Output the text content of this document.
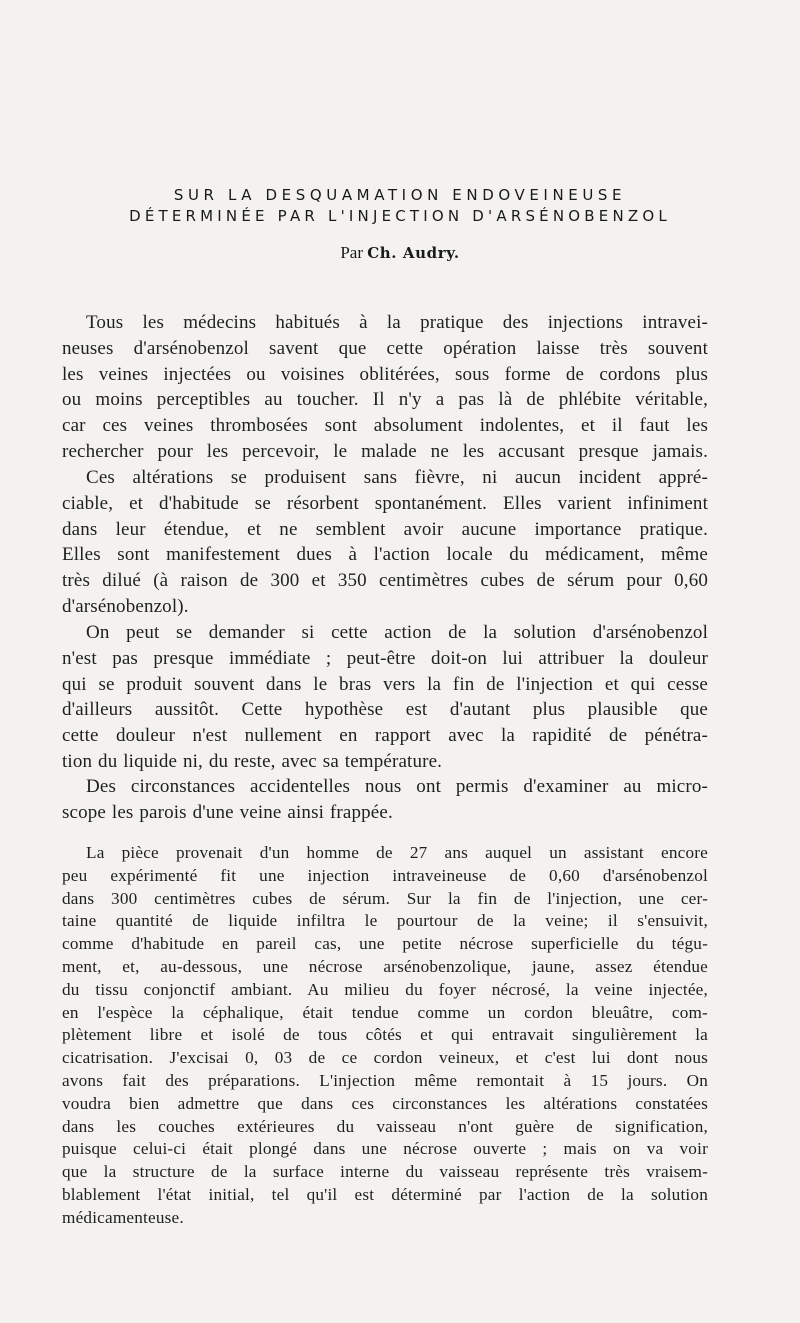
SUR LA DESQUAMATION ENDOVEINEUSE
DÉTERMINÉE PAR L'INJECTION D'ARSÉNOBENZOL
Par Ch. Audry.
Tous les médecins habitués à la pratique des injections intravei-
neuses d'arsénobenzol savent que cette opération laisse très souvent
les veines injectées ou voisines oblitérées, sous forme de cordons plus
ou moins perceptibles au toucher. Il n'y a pas là de phlébite véritable,
car ces veines thrombosées sont absolument indolentes, et il faut les
rechercher pour les percevoir, le malade ne les accusant presque jamais.
Ces altérations se produisent sans fièvre, ni aucun incident appré-
ciable, et d'habitude se résorbent spontanément. Elles varient infiniment
dans leur étendue, et ne semblent avoir aucune importance pratique.
Elles sont manifestement dues à l'action locale du médicament, même
très dilué (à raison de 300 et 350 centimètres cubes de sérum pour 0,60
d'arsénobenzol).
On peut se demander si cette action de la solution d'arsénobenzol
n'est pas presque immédiate ; peut-être doit-on lui attribuer la douleur
qui se produit souvent dans le bras vers la fin de l'injection et qui cesse
d'ailleurs aussitôt. Cette hypothèse est d'autant plus plausible que
cette douleur n'est nullement en rapport avec la rapidité de pénétra-
tion du liquide ni, du reste, avec sa température.
Des circonstances accidentelles nous ont permis d'examiner au micro-
scope les parois d'une veine ainsi frappée.
La pièce provenait d'un homme de 27 ans auquel un assistant encore
peu expérimenté fit une injection intraveineuse de 0,60 d'arsénobenzol
dans 300 centimètres cubes de sérum. Sur la fin de l'injection, une cer-
taine quantité de liquide infiltra le pourtour de la veine; il s'ensuivit,
comme d'habitude en pareil cas, une petite nécrose superficielle du tégu-
ment, et, au-dessous, une nécrose arsénobenzolique, jaune, assez étendue
du tissu conjonctif ambiant. Au milieu du foyer nécrosé, la veine injectée,
en l'espèce la céphalique, était tendue comme un cordon bleuâtre, com-
plètement libre et isolé de tous côtés et qui entravait singulièrement la
cicatrisation. J'excisai 0, 03 de ce cordon veineux, et c'est lui dont nous
avons fait des préparations. L'injection même remontait à 15 jours. On
voudra bien admettre que dans ces circonstances les altérations constatées
dans les couches extérieures du vaisseau n'ont guère de signification,
puisque celui-ci était plongé dans une nécrose ouverte ; mais on va voir
que la structure de la surface interne du vaisseau représente très vraisem-
blablement l'état initial, tel qu'il est déterminé par l'action de la solution
médicamenteuse.
